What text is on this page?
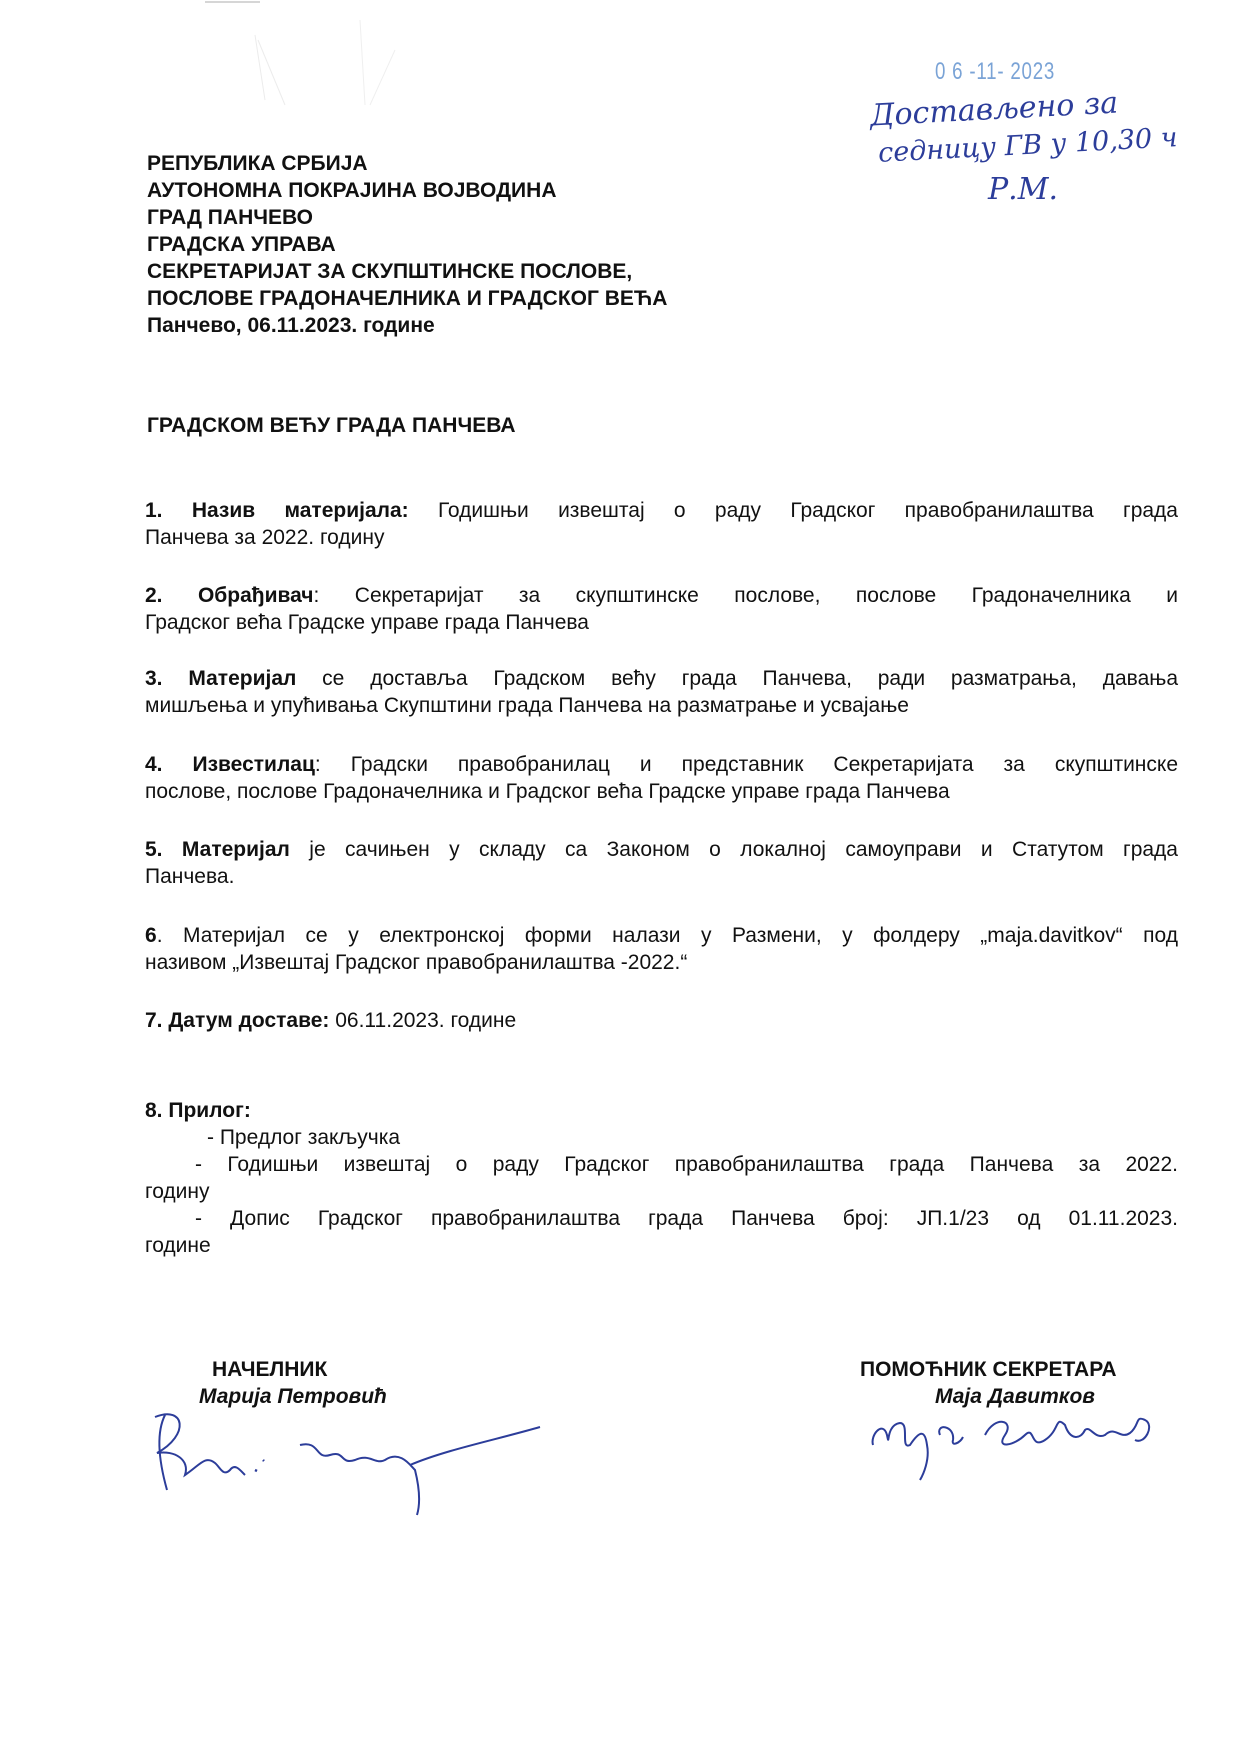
0 6 -11- 2023
Достављено за
седницу ГВ у 10,30 ч
Р.М.
РЕПУБЛИКА СРБИЈА
АУТОНОМНА ПОКРАЈИНА ВОЈВОДИНА
ГРАД ПАНЧЕВО
ГРАДСКА УПРАВА
СЕКРЕТАРИЈАТ ЗА СКУПШТИНСКЕ ПОСЛОВЕ,
ПОСЛОВЕ ГРАДОНАЧЕЛНИКА И ГРАДСКОГ ВЕЋА
Панчево, 06.11.2023. године
ГРАДСКОМ ВЕЋУ ГРАДА ПАНЧЕВА
1. Назив материјала: Годишњи извештај о раду Градског правобранилаштва града
Панчева за 2022. годину
2. Обрађивач: Секретаријат за скупштинске послове, послове Градоначелника и
Градског већа Градске управе града Панчева
3. Материјал се доставља Градском већу града Панчева, ради разматрања, давања
мишљења и упућивања Скупштини града Панчева на разматрање и усвајање
4. Известилац: Градски правобранилац и представник Секретаријата за скупштинске
послове, послове Градоначелника и Градског већа Градске управе града Панчева
5. Материјал је сачињен у складу са Законом о локалној самоуправи и Статутом града
Панчева.
6. Материјал се у електронској форми налази у Размени, у фолдеру „maja.davitkov“ под
називом „Извештај Градског правобранилаштва -2022.“
7. Датум доставе: 06.11.2023. године
8. Прилог:
- Предлог закључка
- Годишњи извештај о раду Градског правобранилаштва града Панчева за 2022.
годину
- Допис Градског правобранилаштва града Панчева број: ЈП.1/23 од 01.11.2023.
године
НАЧЕЛНИК
Марија Петровић
ПОМОЋНИК СЕКРЕТАРА
Маја Давитков
